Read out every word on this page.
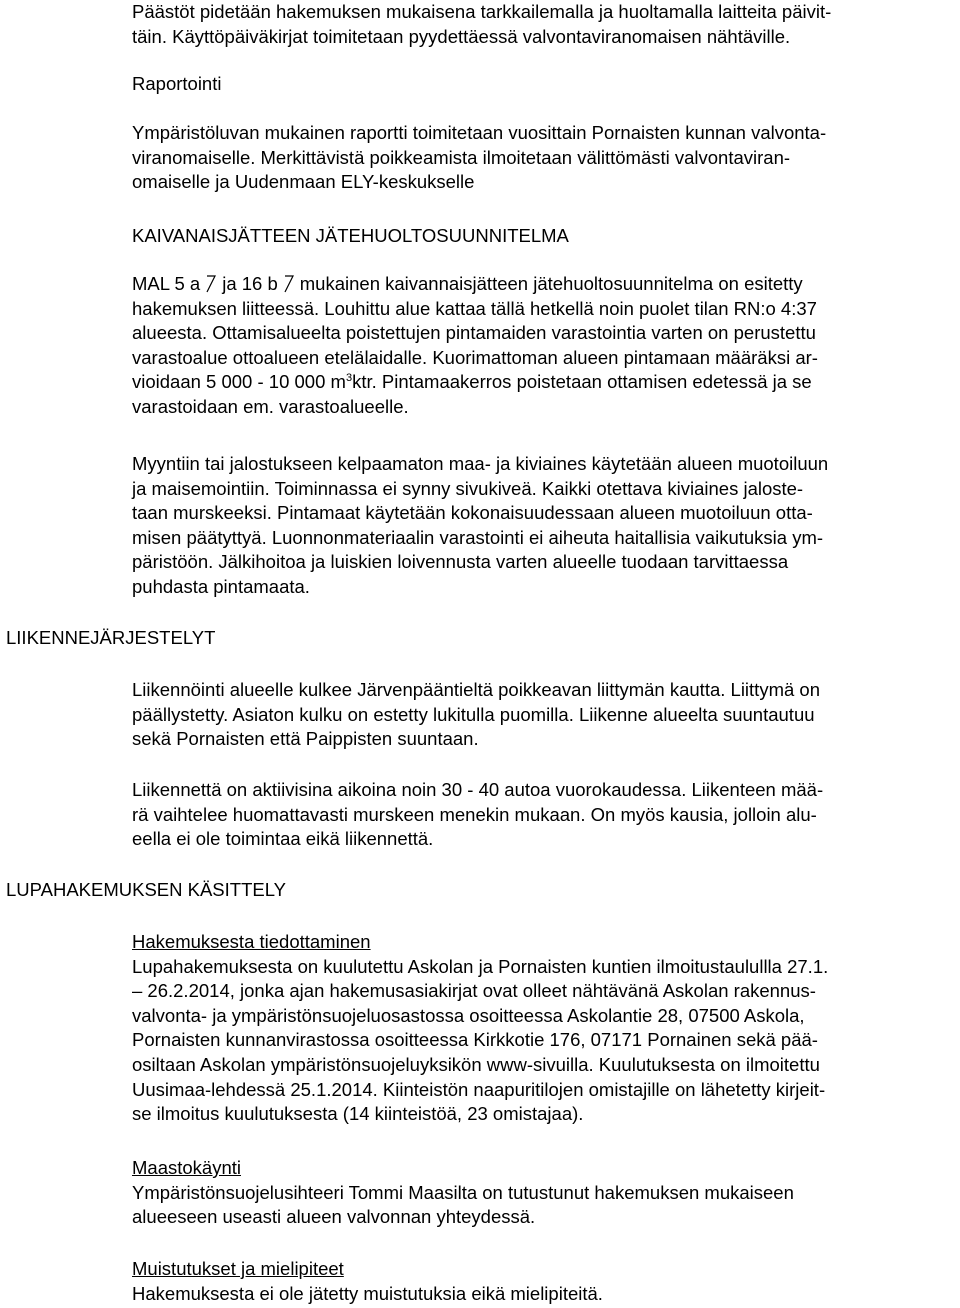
Päästöt pidetään hakemuksen mukaisena tarkkailemalla ja huoltamalla laitteita päivit-
täin. Käyttöpäiväkirjat toimitetaan pyydettäessä valvontaviranomaisen nähtäville.
Raportointi
Ympäristöluvan mukainen raportti toimitetaan vuosittain Pornaisten kunnan valvonta-
viranomaiselle. Merkittävistä poikkeamista ilmoitetaan välittömästi valvontaviran-
omaiselle ja Uudenmaan ELY-keskukselle
KAIVANAISJÄTTEEN JÄTEHUOLTOSUUNNITELMA
MAL 5 a ja 16 b mukainen kaivannaisjätteen jätehuoltosuunnitelma on esitetty
hakemuksen liitteessä. Louhittu alue kattaa tällä hetkellä noin puolet tilan RN:o 4:37
alueesta. Ottamisalueelta poistettujen pintamaiden varastointia varten on perustettu
varastoalue ottoalueen etelälaidalle. Kuorimattoman alueen pintamaan määräksi ar-
vioidaan 5 000 - 10 000 $m^3ktr$. Pintamaakerros poistetaan ottamisen edetessä ja se
varastoidaan em. varastoalueelle.
Myyntiin tai jalostukseen kelpaamaton maa- ja kiviaines käytetään alueen muotoiluun
ja maisemointiin. Toiminnassa ei synny sivukiveä. Kaikki otettava kiviaines jaloste-
taan murskeeksi. Pintamaat käytetään kokonaisuudessaan alueen muotoiluun otta-
misen päätyttyä. Luonnonmateriaalin varastointi ei aiheuta haitallisia vaikutuksia ym-
päristöön. Jälkihoitoa ja luiskien loivennusta varten alueelle tuodaan tarvittaessa
puhdasta pintamaata.
LIIKENNEJÄRJESTELYT
Liikennöinti alueelle kulkee Järvenpääntieltä poikkeavan liittymän kautta. Liittymä on
päällystetty. Asiaton kulku on estetty lukitulla puomilla. Liikenne alueelta suuntautuu
sekä Pornaisten että Paippisten suuntaan.
Liikennettä on aktiivisina aikoina noin 30 - 40 autoa vuorokaudessa. Liikenteen mää-
rä vaihtelee huomattavasti murskeen menekin mukaan. On myös kausia, jolloin alu-
eella ei ole toimintaa eikä liikennettä.
LUPAHAKEMUKSEN KÄSITTELY
Hakemuksesta tiedottaminen
Lupahakemuksesta on kuulutettu Askolan ja Pornaisten kuntien ilmoitustaulullla 27.1.
– 26.2.2014, jonka ajan hakemusasiakirjat ovat olleet nähtävänä Askolan rakennus-
valvonta- ja ympäristönsuojeluosastossa osoitteessa Askolantie 28, 07500 Askola,
Pornaisten kunnanvirastossa osoitteessa Kirkkotie 176, 07171 Pornainen sekä pää-
osiltaan Askolan ympäristönsuojeluyksikön www-sivuilla. Kuulutuksesta on ilmoitettu
Uusimaa-lehdessä 25.1.2014. Kiinteistön naapuritilojen omistajille on lähetetty kirjeit-
se ilmoitus kuulutuksesta (14 kiinteistöä, 23 omistajaa).
Maastokäynti
Ympäristönsuojelusihteeri Tommi Maasilta on tutustunut hakemuksen mukaiseen
alueeseen useasti alueen valvonnan yhteydessä.
Muistutukset ja mielipiteet
Hakemuksesta ei ole jätetty muistutuksia eikä mielipiteitä.
